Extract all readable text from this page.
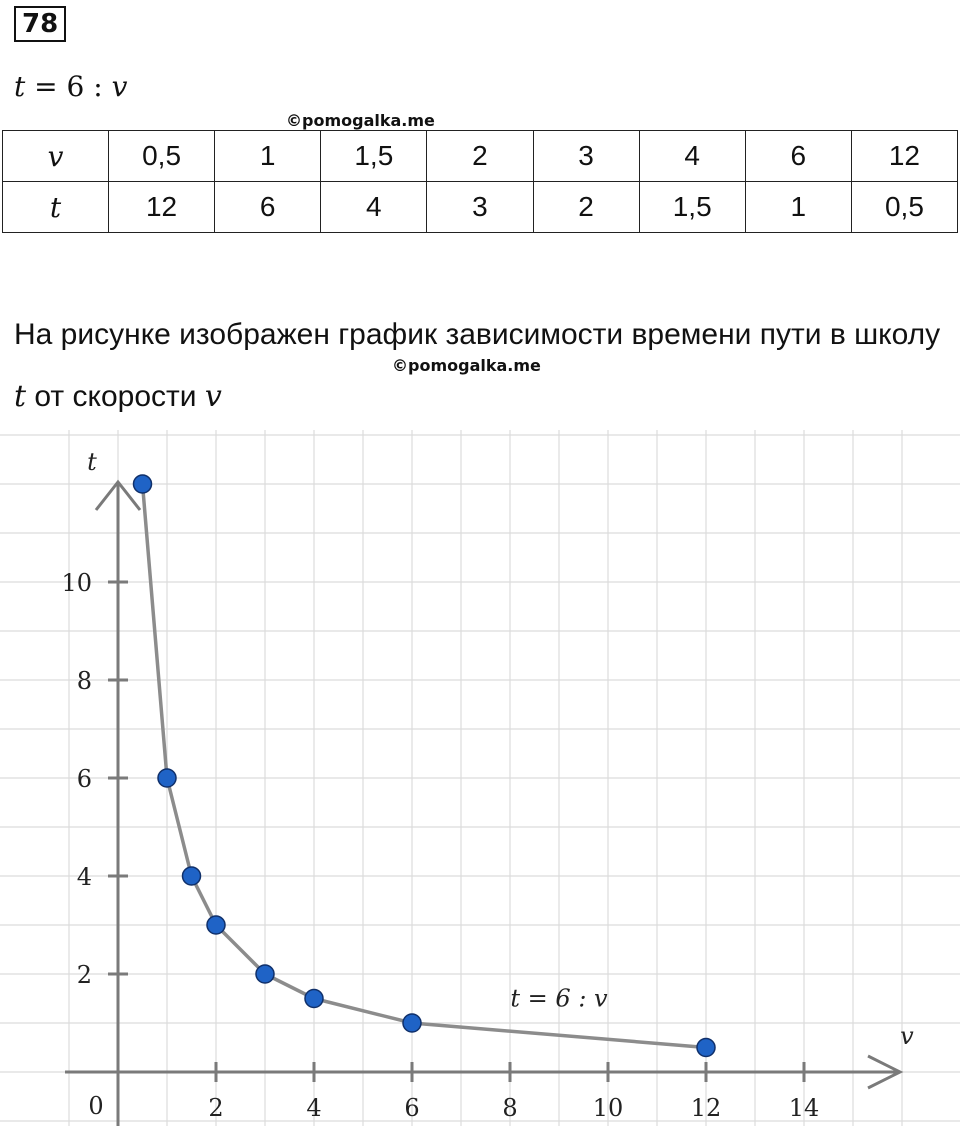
78
t = 6 : v
©pomogalka.me
v	0,5	1	1,5	2	3	4	6	12
t	12	6	4	3	2	1,5	1	0,5
На рисунке изображен график зависимости времени пути в школу t от скорости v
©pomogalka.me
2	4	6	8	10	12	14
2
4
6
8
10
0
v
t
t = 6 : v
